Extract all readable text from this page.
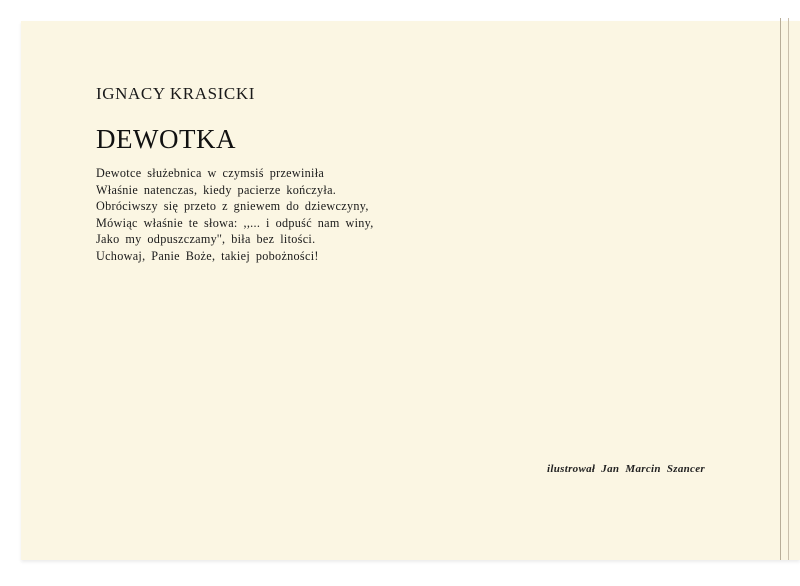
IGNACY KRASICKI
DEWOTKA
Dewotce służebnica w czymsiś przewiniła
Właśnie natenczas, kiedy pacierze kończyła.
Obróciwszy się przeto z gniewem do dziewczyny,
Mówiąc właśnie te słowa: ,,... i odpuść nam winy,
Jako my odpuszczamy'', biła bez litości.
Uchowaj, Panie Boże, takiej pobożności!
ilustrował Jan Marcin Szancer
